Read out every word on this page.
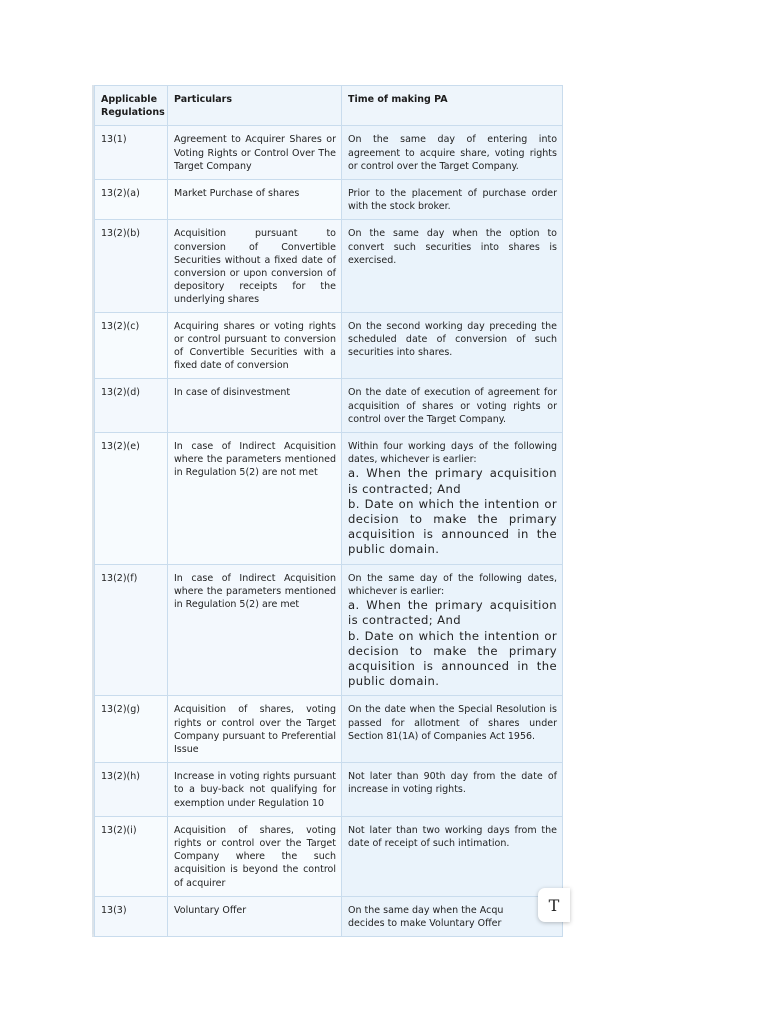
Applicable Regulations	Particulars	Time of making PA
13(1)	Agreement to Acquirer Shares or Voting Rights or Control Over The Target Company	On the same day of entering into agreement to acquire share, voting rights or control over the Target Company.

13(2)(a)	Market Purchase of shares	Prior to the placement of purchase order with the stock broker.

13(2)(b)	Acquisition pursuant to conversion of Convertible Securities without a fixed date of conversion or upon conversion of depository receipts for the underlying shares	On the same day when the option to convert such securities into shares is exercised.

13(2)(c)	Acquiring shares or voting rights or control pursuant to conversion of Convertible Securities with a fixed date of conversion	On the second working day preceding the scheduled date of conversion of such securities into shares.

13(2)(d)	In case of disinvestment	On the date of execution of agreement for acquisition of shares or voting rights or control over the Target Company.

13(2)(e)	In case of Indirect Acquisition where the parameters mentioned in Regulation 5(2) are not met	Within four working days of the following dates, whichever is earlier:
a. When the primary acquisition is contracted; And
b. Date on which the intention or decision to make the primary acquisition is announced in the public domain.

13(2)(f)	In case of Indirect Acquisition where the parameters mentioned in Regulation 5(2) are met	On the same day of the following dates, whichever is earlier:
a. When the primary acquisition is contracted; And
b. Date on which the intention or decision to make the primary acquisition is announced in the public domain.

13(2)(g)	Acquisition of shares, voting rights or control over the Target Company pursuant to Preferential Issue	On the date when the Special Resolution is passed for allotment of shares under Section 81(1A) of Companies Act 1956.

13(2)(h)	Increase in voting rights pursuant to a buy-back not qualifying for exemption under Regulation 10	Not later than 90th day from the date of increase in voting rights.

13(2)(i)	Acquisition of shares, voting rights or control over the Target Company where the such acquisition is beyond the control of acquirer	Not later than two working days from the date of receipt of such intimation.

13(3)	Voluntary Offer	On the same day when the Acqu
decides to make Voluntary Offer
T
